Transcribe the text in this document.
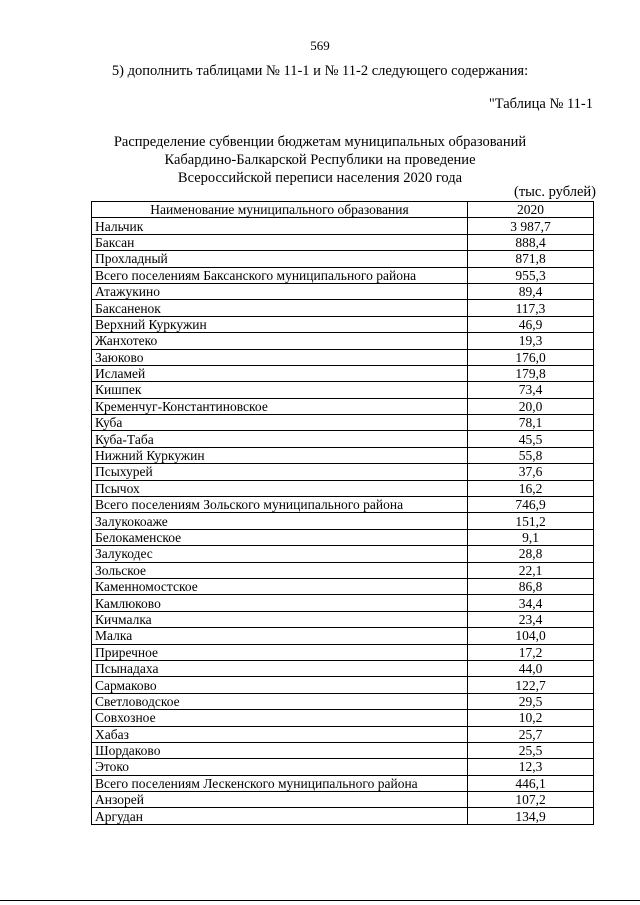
569
5) дополнить таблицами № 11-1 и № 11-2 следующего содержания:
"Таблица № 11-1
Распределение субвенции бюджетам муниципальных образований
Кабардино-Балкарской Республики на проведение
Всероссийской переписи населения 2020 года
(тыс. рублей)
Наименование муниципального образования	2020
Нальчик	3 987,7
Баксан	888,4
Прохладный	871,8
Всего поселениям Баксанского муниципального района	955,3
Атажукино	89,4
Баксаненок	117,3
Верхний Куркужин	46,9
Жанхотеко	19,3
Заюково	176,0
Исламей	179,8
Кишпек	73,4
Кременчуг-Константиновское	20,0
Куба	78,1
Куба-Таба	45,5
Нижний Куркужин	55,8
Псыхурей	37,6
Псычох	16,2
Всего поселениям Зольского муниципального района	746,9
Залукокоаже	151,2
Белокаменское	9,1
Залукодес	28,8
Зольское	22,1
Каменномостское	86,8
Камлюково	34,4
Кичмалка	23,4
Малка	104,0
Приречное	17,2
Псынадаха	44,0
Сармаково	122,7
Светловодское	29,5
Совхозное	10,2
Хабаз	25,7
Шордаково	25,5
Этоко	12,3
Всего поселениям Лескенского муниципального района	446,1
Анзорей	107,2
Аргудан	134,9
